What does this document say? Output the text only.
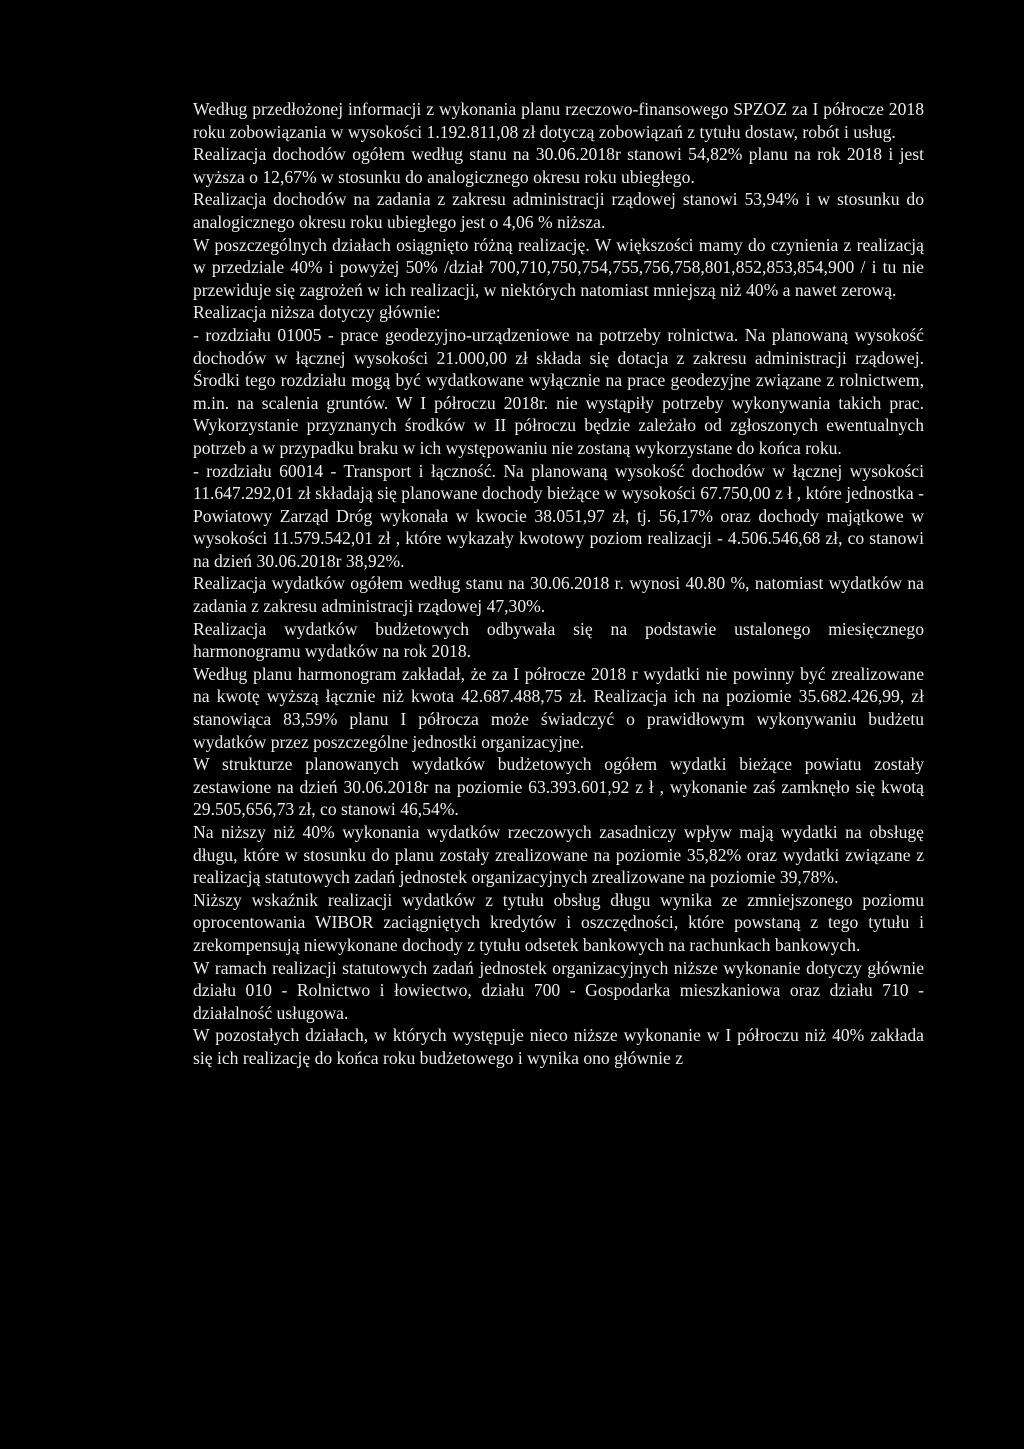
Według przedłożonej informacji z wykonania planu rzeczowo-finansowego SPZOZ za I półrocze 2018 roku zobowiązania w wysokości 1.192.811,08 zł dotyczą zobowiązań z tytułu dostaw, robót i usług.

Realizacja dochodów ogółem według stanu na 30.06.2018r stanowi 54,82% planu na rok 2018 i jest wyższa o 12,67% w stosunku do analogicznego okresu roku ubiegłego.

Realizacja dochodów na zadania z zakresu administracji rządowej stanowi 53,94% i w stosunku do analogicznego okresu roku ubiegłego jest o 4,06 % niższa.

W poszczególnych działach osiągnięto różną realizację. W większości mamy do czynienia z realizacją w przedziale 40% i powyżej 50% /dział 700,710,750,754,755,756,758,801,852,853,854,900 / i tu nie przewiduje się zagrożeń w ich realizacji, w niektórych natomiast mniejszą niż 40% a nawet zerową.

Realizacja niższa dotyczy głównie:

- rozdziału 01005 - prace geodezyjno-urządzeniowe na potrzeby rolnictwa. Na planowaną wysokość dochodów w łącznej wysokości 21.000,00 zł składa się dotacja z zakresu administracji rządowej. Środki tego rozdziału mogą być wydatkowane wyłącznie na prace geodezyjne związane z rolnictwem, m.in. na scalenia gruntów. W I półroczu 2018r. nie wystąpiły potrzeby wykonywania takich prac. Wykorzystanie przyznanych środków w II półroczu będzie zależało od zgłoszonych ewentualnych potrzeb a w przypadku braku w ich występowaniu nie zostaną wykorzystane do końca roku.

- rozdziału 60014 - Transport i łączność. Na planowaną wysokość dochodów w łącznej wysokości 11.647.292,01 zł składają się planowane dochody bieżące w wysokości 67.750,00 z ł , które jednostka - Powiatowy Zarząd Dróg wykonała w kwocie 38.051,97 zł, tj. 56,17% oraz dochody majątkowe w wysokości 11.579.542,01 zł , które wykazały kwotowy poziom realizacji - 4.506.546,68 zł, co stanowi na dzień 30.06.2018r 38,92%.

Realizacja wydatków ogółem według stanu na 30.06.2018 r. wynosi 40.80 %, natomiast wydatków na zadania z zakresu administracji rządowej 47,30%.

Realizacja wydatków budżetowych odbywała się na podstawie ustalonego miesięcznego harmonogramu wydatków na rok 2018.

Według planu harmonogram zakładał, że za I półrocze 2018 r wydatki nie powinny być zrealizowane na kwotę wyższą łącznie niż kwota 42.687.488,75 zł. Realizacja ich na poziomie 35.682.426,99, zł stanowiąca 83,59% planu I półrocza może świadczyć o prawidłowym wykonywaniu budżetu wydatków przez poszczególne jednostki organizacyjne.

W strukturze planowanych wydatków budżetowych ogółem wydatki bieżące powiatu zostały zestawione na dzień 30.06.2018r na poziomie 63.393.601,92 z ł , wykonanie zaś zamknęło się kwotą 29.505,656,73 zł, co stanowi 46,54%.

Na niższy niż 40% wykonania wydatków rzeczowych zasadniczy wpływ mają wydatki na obsługę długu, które w stosunku do planu zostały zrealizowane na poziomie 35,82% oraz wydatki związane z realizacją statutowych zadań jednostek organizacyjnych zrealizowane na poziomie 39,78%.

Niższy wskaźnik realizacji wydatków z tytułu obsług długu wynika ze zmniejszonego poziomu oprocentowania WIBOR zaciągniętych kredytów i oszczędności, które powstaną z tego tytułu i zrekompensują niewykonane dochody z tytułu odsetek bankowych na rachunkach bankowych.

W ramach realizacji statutowych zadań jednostek organizacyjnych niższe wykonanie dotyczy głównie działu 010 - Rolnictwo i łowiectwo, działu 700 - Gospodarka mieszkaniowa oraz działu 710 - działalność usługowa.

W pozostałych działach, w których występuje nieco niższe wykonanie w I półroczu niż 40% zakłada się ich realizację do końca roku budżetowego i wynika ono głównie z
